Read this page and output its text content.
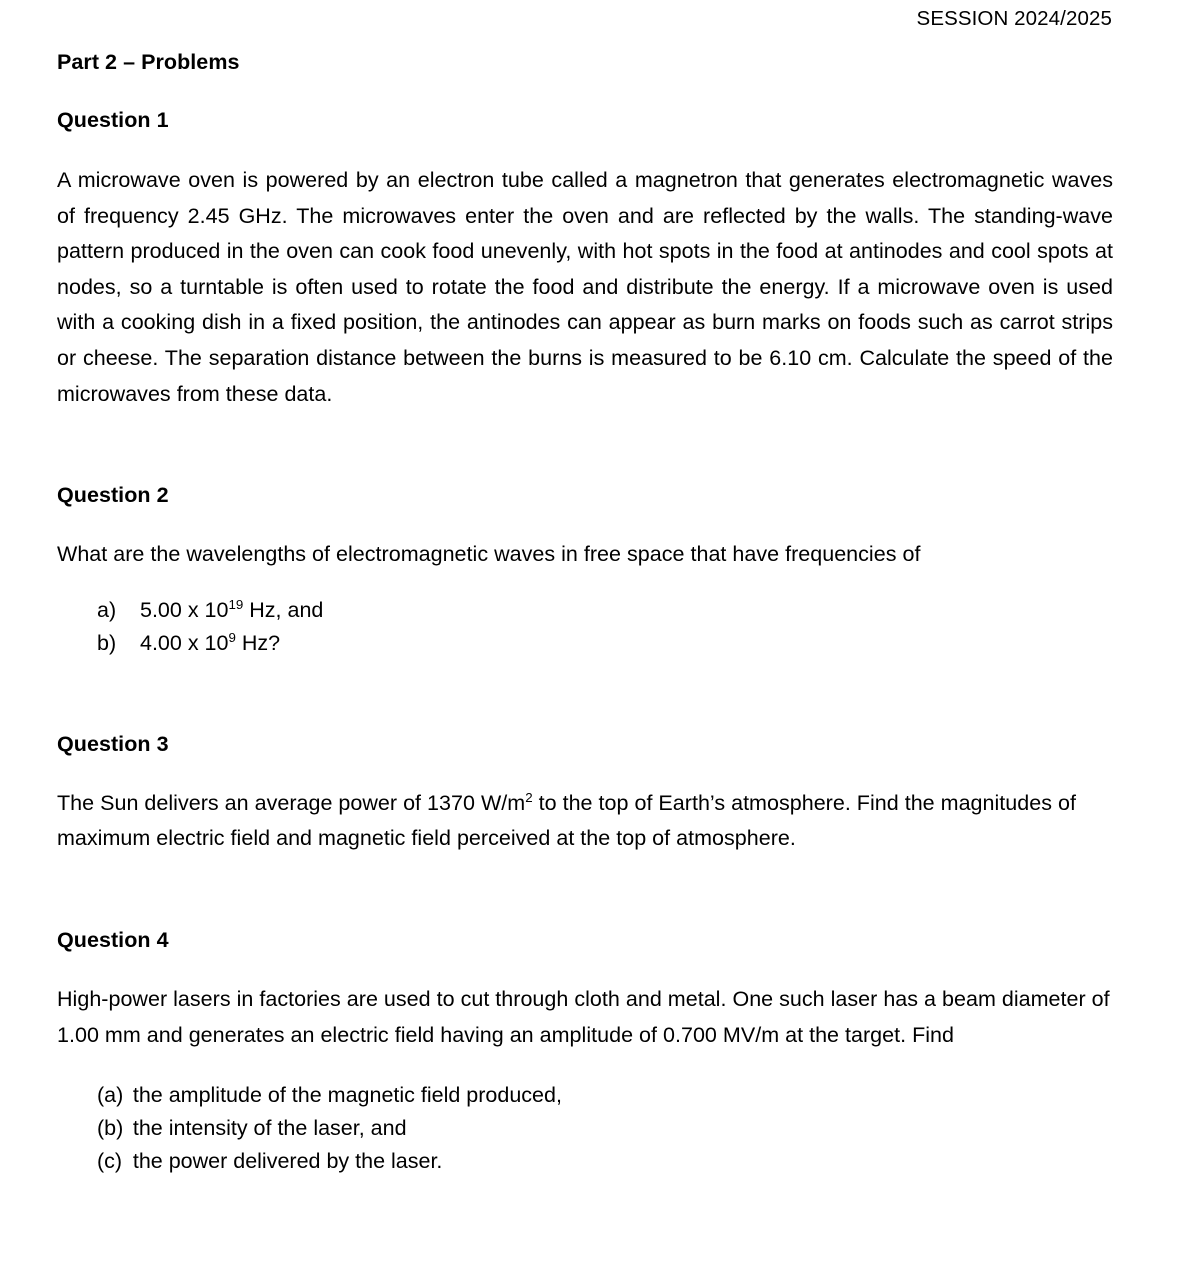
SESSION 2024/2025
Part 2 – Problems
Question 1

A microwave oven is powered by an electron tube called a magnetron that generates electromagnetic waves of frequency 2.45 GHz. The microwaves enter the oven and are reflected by the walls. The standing-wave pattern produced in the oven can cook food unevenly, with hot spots in the food at antinodes and cool spots at nodes, so a turntable is often used to rotate the food and distribute the energy. If a microwave oven is used with a cooking dish in a fixed position, the antinodes can appear as burn marks on foods such as carrot strips or cheese. The separation distance between the burns is measured to be 6.10 cm. Calculate the speed of the microwaves from these data.

Question 2

What are the wavelengths of electromagnetic waves in free space that have frequencies of

a) 5.00 x $10^{19}$ Hz, and
b) 4.00 x $10^9$ Hz?
Question 3

The Sun delivers an average power of 1370 $W/m^2$ to the top of Earth’s atmosphere. Find the magnitudes of maximum electric field and magnetic field perceived at the top of atmosphere.

Question 4

High-power lasers in factories are used to cut through cloth and metal. One such laser has a beam diameter of 1.00 mm and generates an electric field having an amplitude of 0.700 MV/m at the target. Find

(a) the amplitude of the magnetic field produced,
(b) the intensity of the laser, and
(c) the power delivered by the laser.
